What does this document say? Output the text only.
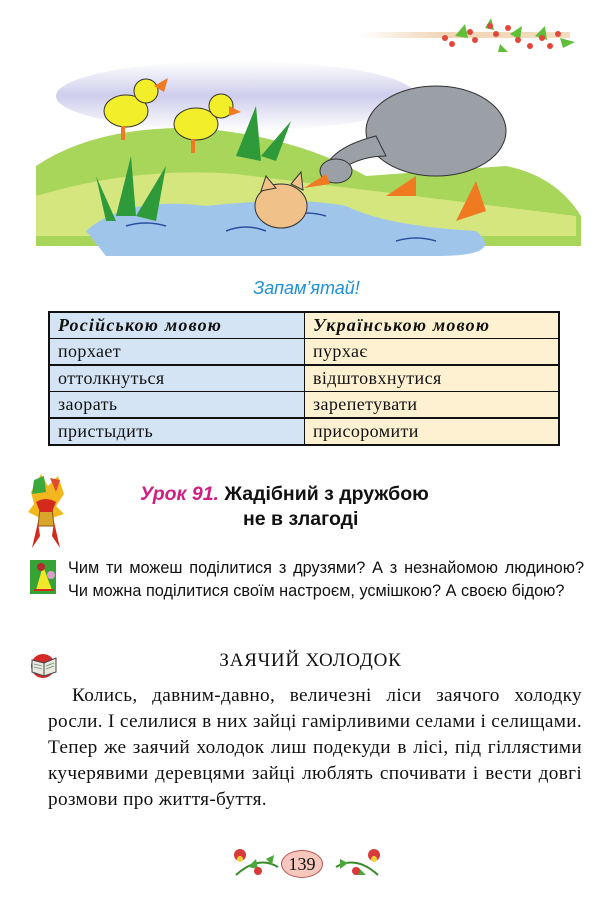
Запам’ятай!
Російською мовою	Українською мовою
порхает	пурхає
оттолкнуться	відштовхнутися
заорать	зарепетувати
пристыдить	присоромити
Урок 91. Жадібний з дружбою
не в злагоді
Чим ти можеш поділитися з друзями? А з незнайомою людиною? Чи можна поділитися своїм настроєм, усмішкою? А своєю бідою?
ЗАЯЧИЙ ХОЛОДОК
Колись, давним-давно, величезні ліси заячого холодку росли. І селилися в них зайці гамірливими селами і селищами. Тепер же заячий холодок лиш подекуди в лісі, під гіллястими кучерявими деревцями зайці люблять спочивати і вести довгі розмови про життя-буття.
139
